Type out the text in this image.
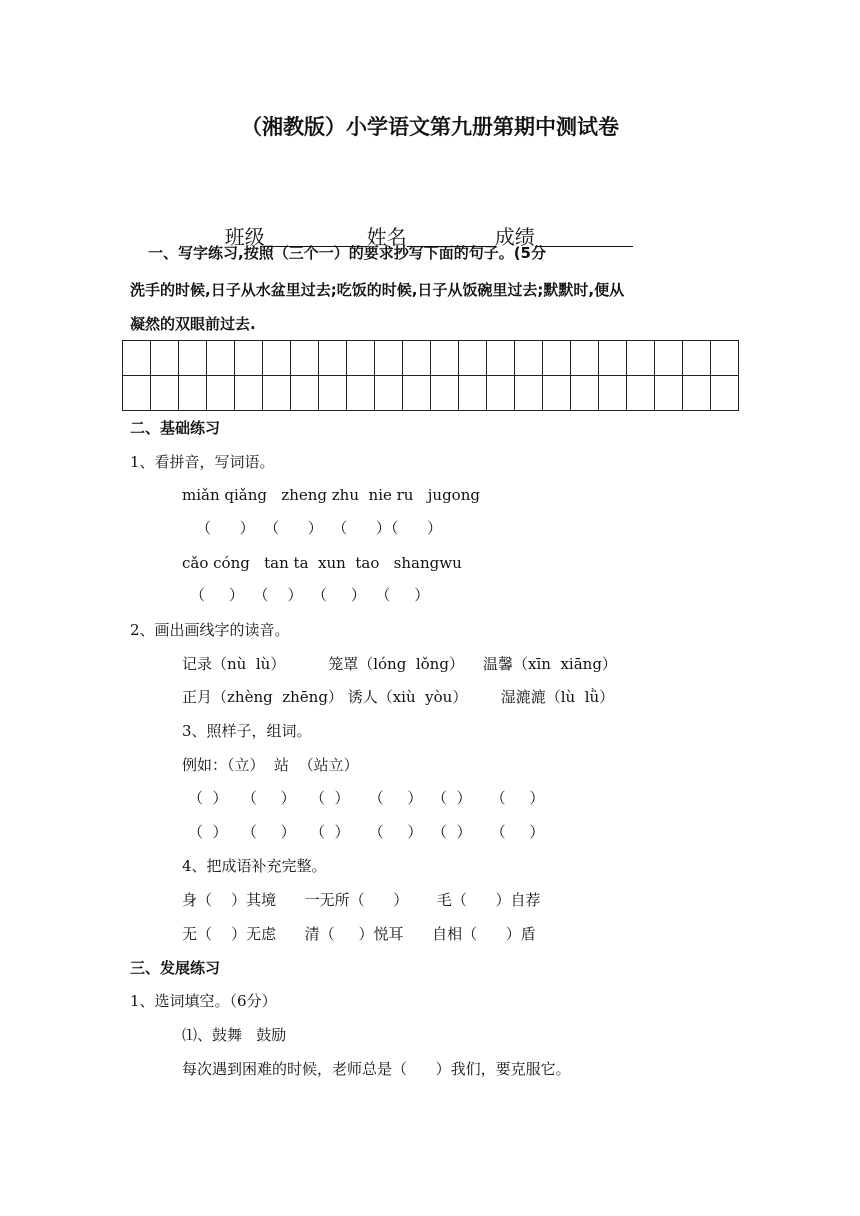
（湘教版）小学语文第九册第期中测试卷

班级	姓名	成绩

一、写字练习,按照（三个一）的要求抄写下面的句子。(5分
洗手的时候,日子从水盆里过去;吃饭的时候,日子从饭碗里过去;默默时,便从
凝然的双眼前过去.

二、基础练习
1、看拼音，写词语。
miǎn qiǎng   zheng zhu  nie ru   jugong
（      ）  （      ）  （      ）（      ）
cǎo cóng   tan ta  xun  tao   shangwu
（     ）  （    ）  （     ）  （     ）
2、画出画线字的读音。
记录（nù  lù）         笼罩（lóng  lǒng）    温馨（xīn  xiāng）
正月（zhèng  zhēng） 诱人（xiù  yòu）       湿漉漉（lù  lǜ）
3、照样子，组词。
例如：（立）  站  （站立）
（  ）   （     ）   （  ）    （     ）  （  ）    （     ）
（  ）   （     ）   （  ）    （     ）  （  ）    （     ）
4、把成语补充完整。
身（    ）其境      一无所（      ）      毛（      ）自荐
无（    ）无虑      清（     ）悦耳      自相（      ）盾
三、发展练习
1、选词填空。（6分）
⑴、鼓舞   鼓励
每次遇到困难的时候，老师总是（      ）我们，要克服它。
